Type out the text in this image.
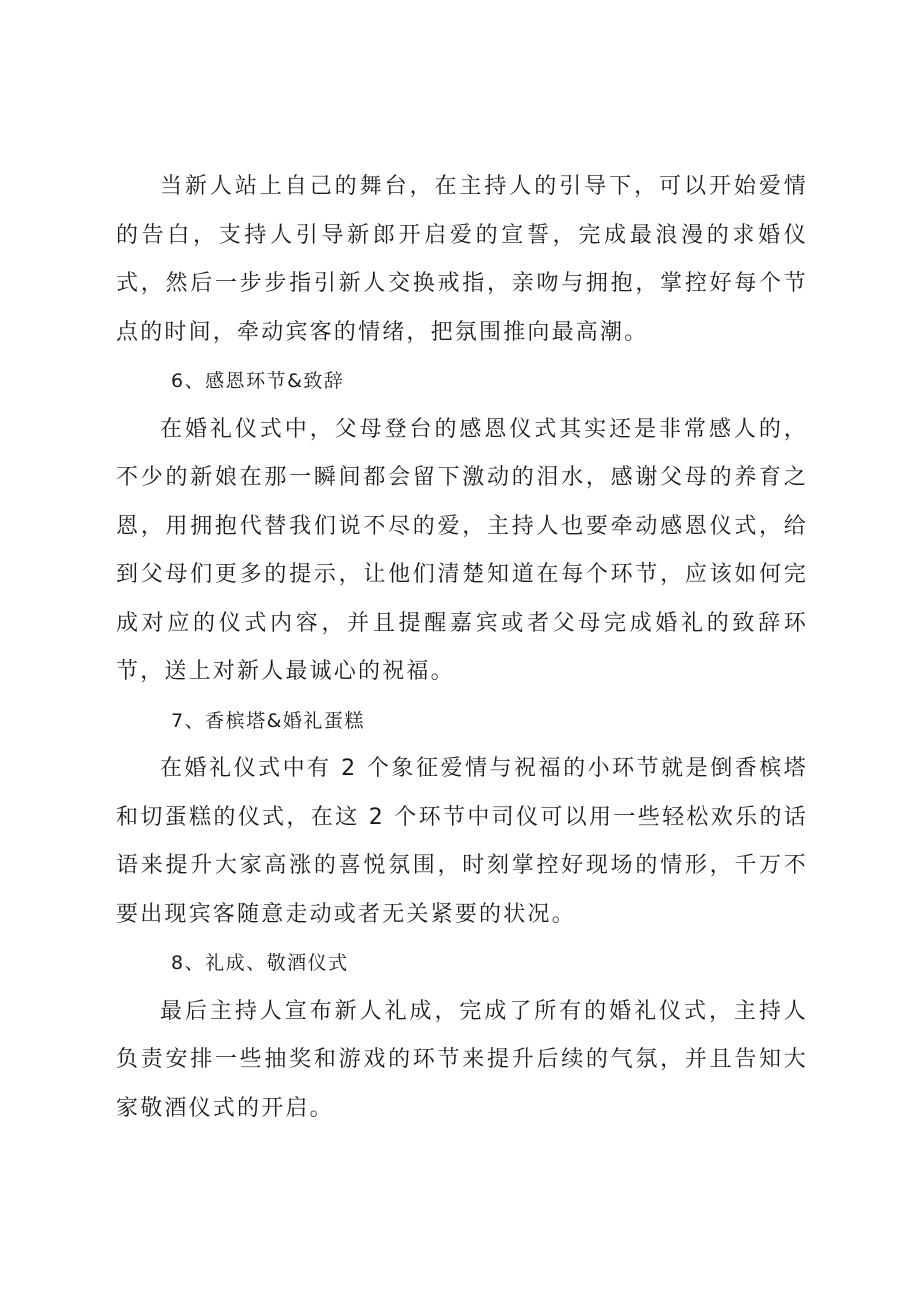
当新人站上自己的舞台，在主持人的引导下，可以开始爱情的告白，支持人引导新郎开启爱的宣誓，完成最浪漫的求婚仪式，然后一步步指引新人交换戒指，亲吻与拥抱，掌控好每个节点的时间，牵动宾客的情绪，把氛围推向最高潮。

6、感恩环节&致辞

在婚礼仪式中，父母登台的感恩仪式其实还是非常感人的，不少的新娘在那一瞬间都会留下激动的泪水，感谢父母的养育之恩，用拥抱代替我们说不尽的爱，主持人也要牵动感恩仪式，给到父母们更多的提示，让他们清楚知道在每个环节，应该如何完成对应的仪式内容，并且提醒嘉宾或者父母完成婚礼的致辞环节，送上对新人最诚心的祝福。

7、香槟塔&婚礼蛋糕

在婚礼仪式中有 2 个象征爱情与祝福的小环节就是倒香槟塔和切蛋糕的仪式，在这 2 个环节中司仪可以用一些轻松欢乐的话语来提升大家高涨的喜悦氛围，时刻掌控好现场的情形，千万不要出现宾客随意走动或者无关紧要的状况。

8、礼成、敬酒仪式

最后主持人宣布新人礼成，完成了所有的婚礼仪式，主持人负责安排一些抽奖和游戏的环节来提升后续的气氛，并且告知大家敬酒仪式的开启。
